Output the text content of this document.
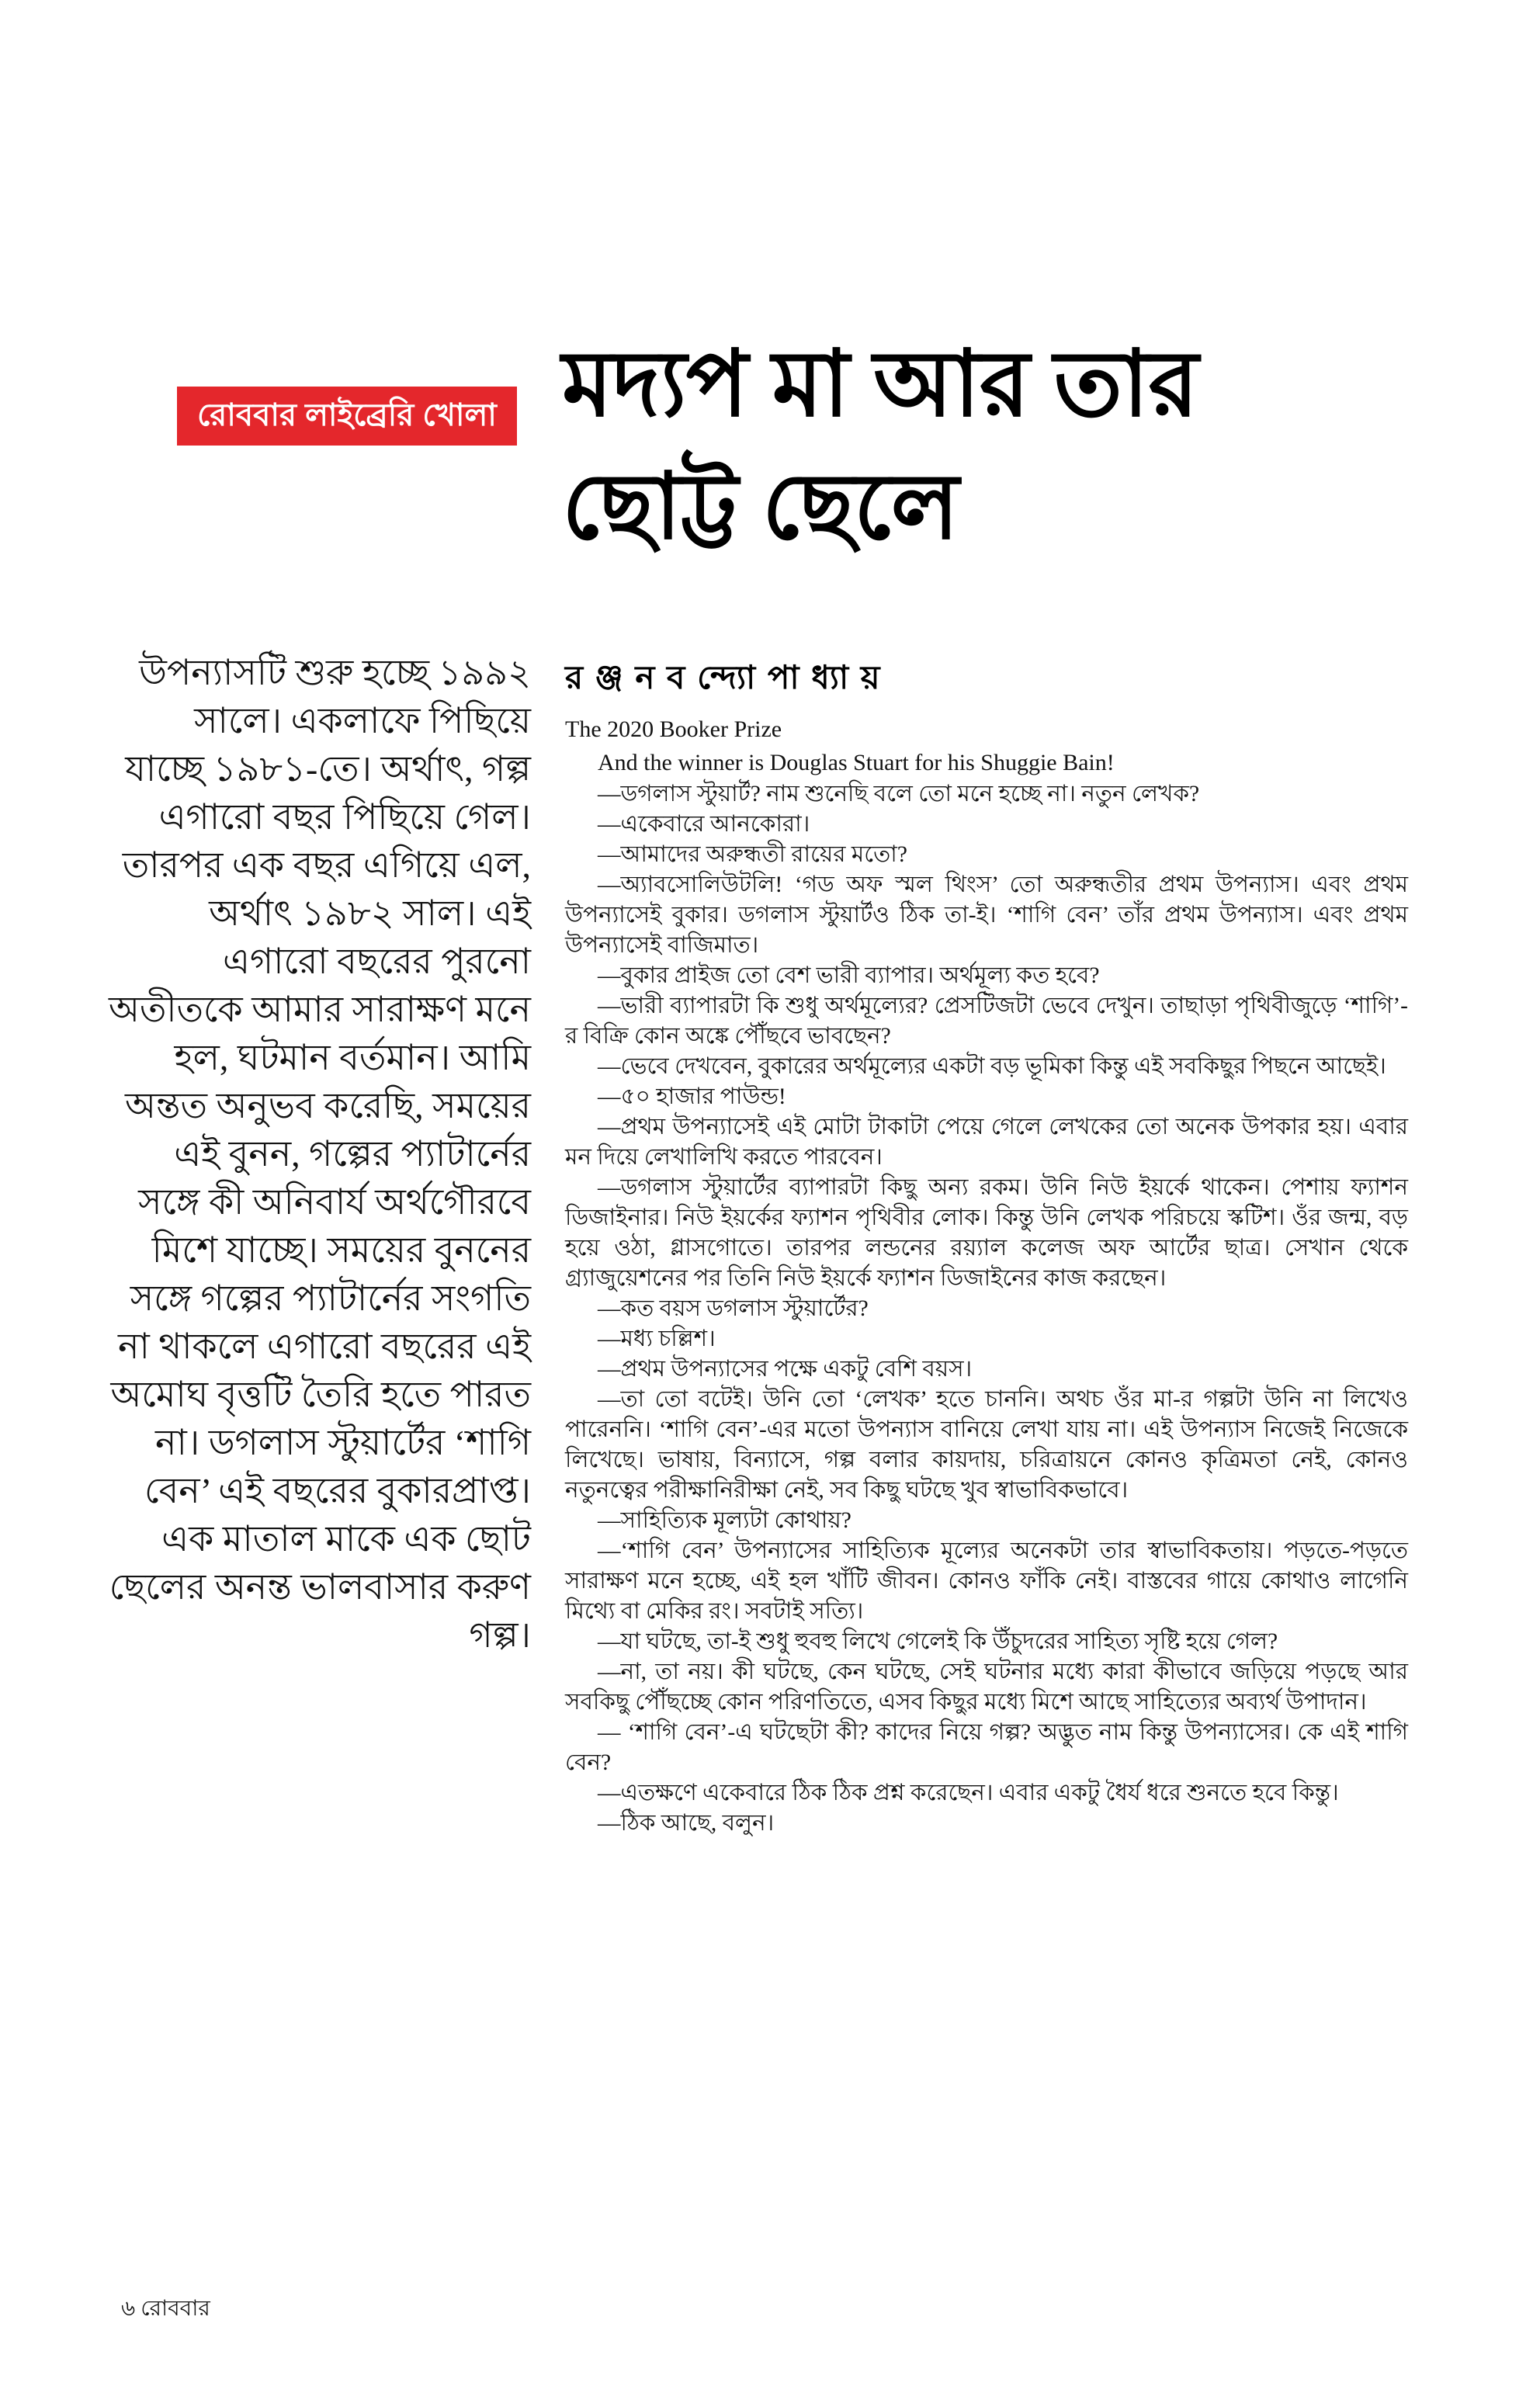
রোববার লাইব্রেরি খোলা মদ্যপ মা আর তার
ছোট্ট ছেলে
র ঞ্জ ন ব ন্দ্যো পা ধ্যা য়
উপন্যাসটি শুরু হচ্ছে ১৯৯২ সালে। একলাফে পিছিয়ে যাচ্ছে ১৯৮১-তে। অর্থাৎ, গল্প এগারো বছর পিছিয়ে গেল। তারপর এক বছর এগিয়ে এল, অর্থাৎ ১৯৮২ সাল। এই এগারো বছরের পুরনো অতীতকে আমার সারাক্ষণ মনে হল, ঘটমান বর্তমান। আমি অন্তত অনুভব করেছি, সময়ের এই বুনন, গল্পের প্যাটার্নের সঙ্গে কী অনিবার্য অর্থগৌরবে মিশে যাচ্ছে। সময়ের বুননের সঙ্গে গল্পের প্যাটার্নের সংগতি না থাকলে এগারো বছরের এই অমোঘ বৃত্তটি তৈরি হতে পারত না। ডগলাস স্টুয়ার্টের ‘শাগি বেন’ এই বছরের বুকারপ্রাপ্ত। এক মাতাল মাকে এক ছোট ছেলের অনন্ত ভালবাসার করুণ গল্প।

The 2020 Booker Prize

And the winner is Douglas Stuart for his Shuggie Bain!

—ডগলাস স্টুয়ার্ট? নাম শুনেছি বলে তো মনে হচ্ছে না। নতুন লেখক?

—একেবারে আনকোরা।

—আমাদের অরুন্ধতী রায়ের মতো?

—অ্যাবসোলিউটলি! ‘গড অফ স্মল থিংস’ তো অরুন্ধতীর প্রথম উপন্যাস। এবং প্রথম উপন্যাসেই বুকার। ডগলাস স্টুয়ার্টও ঠিক তা-ই। ‘শাগি বেন’ তাঁর প্রথম উপন্যাস। এবং প্রথম উপন্যাসেই বাজিমাত।

—বুকার প্রাইজ তো বেশ ভারী ব্যাপার। অর্থমূল্য কত হবে?

—ভারী ব্যাপারটা কি শুধু অর্থমূল্যের? প্রেসটিজটা ভেবে দেখুন। তাছাড়া পৃথিবীজুড়ে ‘শাগি’-র বিক্রি কোন অঙ্কে পৌঁছবে ভাবছেন?

—ভেবে দেখবেন, বুকারের অর্থমূল্যের একটা বড় ভূমিকা কিন্তু এই সবকিছুর পিছনে আছেই।

—৫০ হাজার পাউন্ড!

—প্রথম উপন্যাসেই এই মোটা টাকাটা পেয়ে গেলে লেখকের তো অনেক উপকার হয়। এবার মন দিয়ে লেখালিখি করতে পারবেন।

—ডগলাস স্টুয়ার্টের ব্যাপারটা কিছু অন্য রকম। উনি নিউ ইয়র্কে থাকেন। পেশায় ফ্যাশন ডিজাইনার। নিউ ইয়র্কের ফ্যাশন পৃথিবীর লোক। কিন্তু উনি লেখক পরিচয়ে স্কটিশ। ওঁর জন্ম, বড় হয়ে ওঠা, গ্লাসগোতে। তারপর লন্ডনের রয়্যাল কলেজ অফ আর্টের ছাত্র। সেখান থেকে গ্র্যাজুয়েশনের পর তিনি নিউ ইয়র্কে ফ্যাশন ডিজাইনের কাজ করছেন।

—কত বয়স ডগলাস স্টুয়ার্টের?

—মধ্য চল্লিশ।

—প্রথম উপন্যাসের পক্ষে একটু বেশি বয়স।

—তা তো বটেই। উনি তো ‘লেখক’ হতে চাননি। অথচ ওঁর মা-র গল্পটা উনি না লিখেও পারেননি। ‘শাগি বেন’-এর মতো উপন্যাস বানিয়ে লেখা যায় না। এই উপন্যাস নিজেই নিজেকে লিখেছে। ভাষায়, বিন্যাসে, গল্প বলার কায়দায়, চরিত্রায়নে কোনও কৃত্রিমতা নেই, কোনও নতুনত্বের পরীক্ষানিরীক্ষা নেই, সব কিছু ঘটছে খুব স্বাভাবিকভাবে।

—সাহিত্যিক মূল্যটা কোথায়?

—‘শাগি বেন’ উপন্যাসের সাহিত্যিক মূল্যের অনেকটা তার স্বাভাবিকতায়। পড়তে-পড়তে সারাক্ষণ মনে হচ্ছে, এই হল খাঁটি জীবন। কোনও ফাঁকি নেই। বাস্তবের গায়ে কোথাও লাগেনি মিথ্যে বা মেকির রং। সবটাই সত্যি।

—যা ঘটছে, তা-ই শুধু হুবহু লিখে গেলেই কি উঁচুদরের সাহিত্য সৃষ্টি হয়ে গেল?

—না, তা নয়। কী ঘটছে, কেন ঘটছে, সেই ঘটনার মধ্যে কারা কীভাবে জড়িয়ে পড়ছে আর সবকিছু পৌঁছচ্ছে কোন পরিণতিতে, এসব কিছুর মধ্যে মিশে আছে সাহিত্যের অব্যর্থ উপাদান।

— ‘শাগি বেন’-এ ঘটছেটা কী? কাদের নিয়ে গল্প? অদ্ভুত নাম কিন্তু উপন্যাসের। কে এই শাগি বেন?

—এতক্ষণে একেবারে ঠিক ঠিক প্রশ্ন করেছেন। এবার একটু ধৈর্য ধরে শুনতে হবে কিন্তু।

—ঠিক আছে, বলুন।

৬ রোববার
